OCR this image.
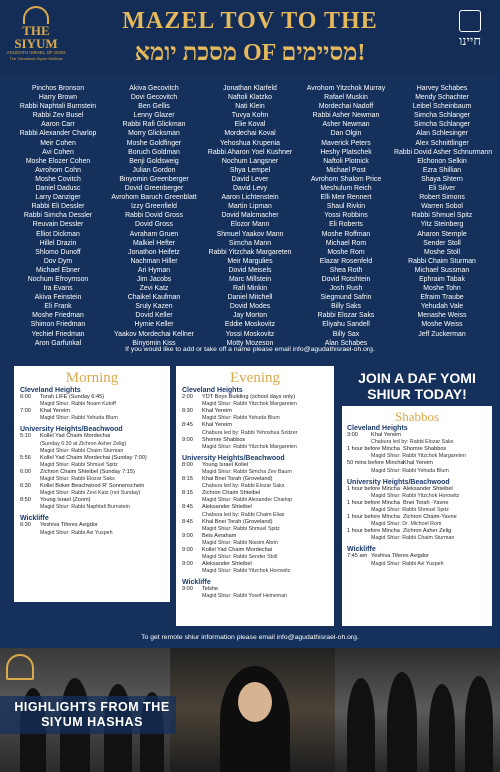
THE SIYUM
AGUDATH ISRAEL OF OHIO
The Cleveland Siyum HaShas
MAZEL TOV TO THE
מסכת יומא OF מסיימים!	חיינו
Pinchos Bronson
Harry Brown
Rabbi Naphtali Burnstein
Rabbi Zev Busel
Aaron Carr
Rabbi Alexander Charlop
Meir Cohen
Avi Cohen
Moshe Elozer Cohen
Avrohom Cohn
Moshe Covitch
Daniel Dadusc
Larry Danziger
Rabbi Eli Dessler
Rabbi Simcha Dessler
Reuvain Dessler
Elliot Dickman
Hillel Drazin
Shlomo Dunoff
Dov Dym
Michael Ebner
Nochum Efroymson
Ira Evans
Akiva Feinstein
Eli Frank
Moshe Friedman
Shimon Friedman
Yechiel Friedman
Aron Garfunkal
Akiva Gecovitch
Dovi Gecovitch
Ben Gellis
Lenny Glazer
Rabbi Rafi Glickman
Morry Glicksman
Moshe Goldfinger
Boruch Goldman
Benji Goldsweig
Julian Gordon
Binyomin Greenberger
Dovid Greenberger
Avrohom Baruch Greenblatt
Izzy Greenfield
Rabbi Dovid Gross
Dovid Gross
Avraham Gruen
Malkiel Hefter
Jonathon Heifetz
Nachman Hiller
Ari Hyman
Jim Jacobs
Zevi Katz
Chaikel Kaufman
Sruly Kazen
Dovid Keller
Hymie Keller
Yaakov Mordechai Kellner
Binyomin Kiss
Jonathan Klarfeld
Naftoli Klatzko
Nati Klein
Tuvya Kohn
Elie Koval
Mordechai Koval
Yehoshua Krupenia
Rabbi Aharon Yoel Kushner
Nochum Langsner
Shya Lempel
David Lever
David Levy
Aaron Lichtenstein
Martin Lipman
Dovid Malcmacher
Elozor Mann
Shmuel Yaakov Mann
Simcha Mann
Rabbi Yitzchak Margareten
Meir Margulies
Dovid Meisels
Marc Millstein
Rafi Minkin
Daniel Mitchell
Dovid Modes
Jay Morton
Eddie Moskovitz
Yossi Moskovitz
Motty Mozeson
Avrohom Yitzchok Murray
Rafael Muskin
Mordechai Nadoff
Rabbi Asher Newman
Asher Newman
Dan Olgin
Maverick Peters
Heshy Platschek
Naftoli Plotnick
Michael Post
Avrohom Shalom Price
Meshulum Reich
Elli Meir Rennert
Shaul Rivkin
Yossi Robbins
Eli Roberts
Moshe Roffman
Michael Rom
Moshe Rom
Elazar Rosenfeld
Shea Roth
Dovid Rotshtein
Josh Rush
Siegmund Safrin
Billy Saks
Rabbi Elozar Saks
Eliyahu Sandell
Billy Sax
Alan Schabes
Harvey Schabes
Mendy Schachter
Leibel Scheinbaum
Simcha Schlanger
Simcha Schlanger
Alan Schlesinger
Alex Schnittlinger
Rabbi Dovid Asher Schnurmann
Elchonon Selkin
Ezra Shillian
Shaya Shtern
Eli Silver
Robert Simons
Warren Sobol
Rabbi Shmuel Spitz
Yitz Steinberg
Aharon Stemple
Sender Stoll
Moshe Stoll
Rabbi Chaim Sturman
Michael Sussman
Ephraim Tabak
Moshe Tohn
Efraim Traube
Yehudah Vale
Menashe Weiss
Moshe Weiss
Jeff Zuckerman
If you would like to add or take off a name please email info@agudathisrael-oh.org.
Morning
Cleveland Heights
6:00 Torah LIFE (Sunday 6:45)
Magid Shiur: Rabbi Noam Kutoff
7:00 Khal Yereim
Magid Shiur: Rabbi Yehuda Blum
University Heights/Beachwood
5:10 Kollel Yad Chaim Mordechai
(Sunday 6:30 at Zichron Asher Zelig)
Magid Shiur: Rabbi Chaim Sturman
5:56 Kollel Yad Chaim Mordechai (Sunday 7:00)
Magid Shiur: Rabbi Shmuel Spitz
6:00 Zichron Chaim Shteibel (Sunday 7:15)
Magid Shiur: Rabbi Elozar Saks
6:30 Kollel Boker Beachwood R' Sonnenschein
Magid Shiur: Rabbi Zevi Katz (not Sunday)
8:50 Young Israel (Zoom)
Magid Shiur: Rabbi Naphtali Burnstein
Wickliffe
6:30 Yeshiva Tiferes Avigdor
Magid Shiur: Rabbi Avi Yuspeh
Evening
Cleveland Heights
2:00 YDT Boys Building (school days only)
Magid Shiur: Rabbi Yitzchok Margareten
8:30 Khal Yereim
Magid Shiur: Rabbi Yehuda Blum
8:45 Khal Yereim
Chabura led by: Rabbi Yehoshua Snitzer
9:00 Shomre Shabbos
Magid Shiur: Rabbi Yitzchok Margareten
University Heights/Beachwood
8:00 Young Israel Kollel
Magid Shiur: Rabbi Simcha Zev Baum
8:15 Khal Bnei Torah (Groveland)
Chabura led by: Rabbi Elozar Saks
8:15 Zichron Chaim Shteibel
Magid Shiur: Rabbi Alexander Charlop
8:45 Aleksander Shteibel
Chabura led by: Rabbi Chaim Elias
8:45 Khal Bnei Torah (Groveland)
Magid Shiur: Rabbi Shmuel Spitz
9:00 Beis Avraham
Magid Shiur: Rabbi Nissim Abrin
9:00 Kollel Yad Chaim Mordechai
Magid Shiur: Rabbi Sender Stoll
9:00 Aleksander Shteibel
Magid Shiur: Rabbi Yitzchok Horowitz
Wickliffe
9:00 Telshe
Magid Shiur: Rabbi Yosef Heineman
JOIN A DAF YOMI
SHIUR TODAY!
Shabbos
Cleveland Heights
3:00 Khal Yereim
Chabura led by: Rabbi Elozar Saks
1 hour before Mincha Shomre Shabbos
Magid Shiur: Rabbi Yitzchok Margareten
50 mins before Mincha Khal Yereim
Magid Shiur: Rabbi Yehuda Blum
University Heights/Beachwood
1 hour before Mincha Aleksander Shteibel
Magid Shiur: Rabbi Yitzchok Horowitz
1 hour before Mincha Bnei Torah -Yavne
Magid Shiur: Rabbi Shmuel Spitz
1 hour before Mincha Zichron Chaim-Yavne
Magid Shiur: Dr. Michoel Rom
1 hour before Mincha Zichron Asher Zelig
Magid Shiur: Rabbi Chaim Sturman
Wickliffe
7:45 am Yeshiva Tiferes Avigdor
Magid Shiur: Rabbi Avi Yuspeh
To get remote shiur information please email info@agudathisrael-oh.org.
HIGHLIGHTS FROM THE
SIYUM HASHAS
